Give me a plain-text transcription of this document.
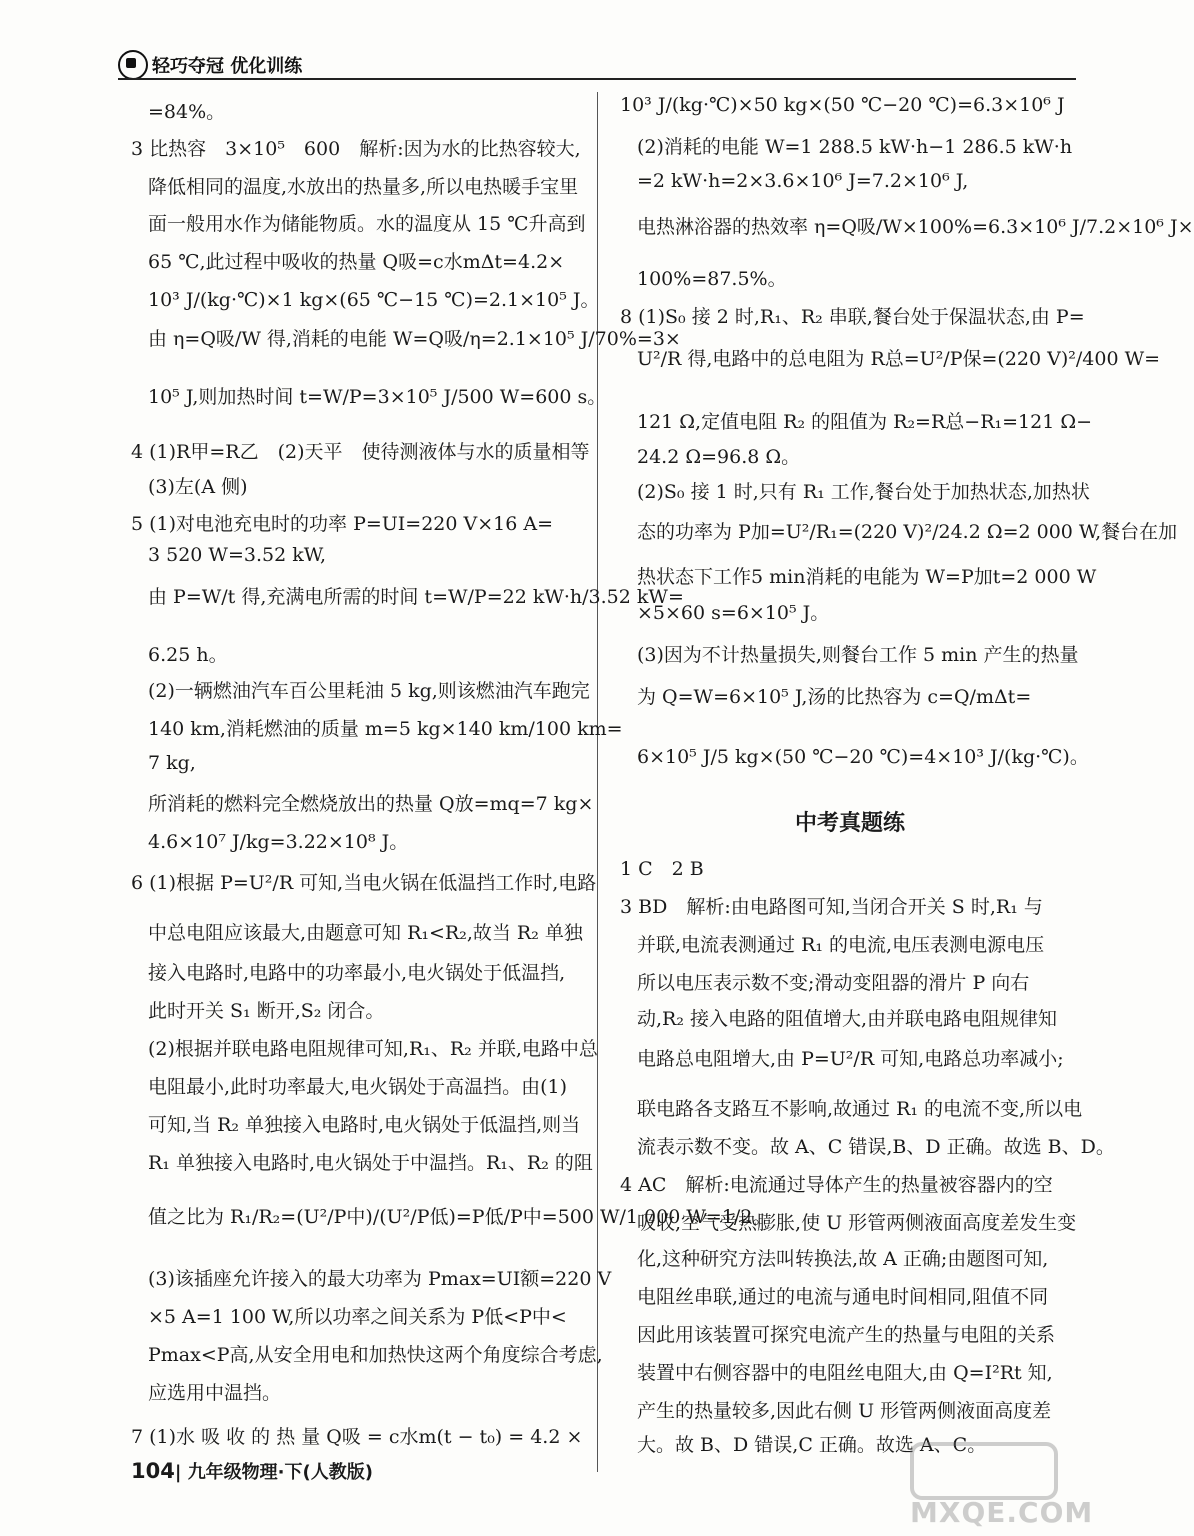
轻巧夺冠 优化训练
=84%。
3 比热容　3×10⁵　600　解析:因为水的比热容较大,
降低相同的温度,水放出的热量多,所以电热暖手宝里
面一般用水作为储能物质。水的温度从 15 ℃升高到
65 ℃,此过程中吸收的热量 Q吸=c水mΔt=4.2×
10³ J/(kg·℃)×1 kg×(65 ℃−15 ℃)=2.1×10⁵ J。
由 η=Q吸/W 得,消耗的电能 W=Q吸/η=2.1×10⁵ J/70%=3×
10⁵ J,则加热时间 t=W/P=3×10⁵ J/500 W=600 s。
4 (1)R甲=R乙　(2)天平　使待测液体与水的质量相等
(3)左(A 侧)
5 (1)对电池充电时的功率 P=UI=220 V×16 A=
3 520 W=3.52 kW,
由 P=W/t 得,充满电所需的时间 t=W/P=22 kW·h/3.52 kW=
6.25 h。
(2)一辆燃油汽车百公里耗油 5 kg,则该燃油汽车跑完
140 km,消耗燃油的质量 m=5 kg×140 km/100 km=
7 kg,
所消耗的燃料完全燃烧放出的热量 Q放=mq=7 kg×
4.6×10⁷ J/kg=3.22×10⁸ J。
6 (1)根据 P=U²/R 可知,当电火锅在低温挡工作时,电路
中总电阻应该最大,由题意可知 R₁<R₂,故当 R₂ 单独
接入电路时,电路中的功率最小,电火锅处于低温挡,
此时开关 S₁ 断开,S₂ 闭合。
(2)根据并联电路电阻规律可知,R₁、R₂ 并联,电路中总
电阻最小,此时功率最大,电火锅处于高温挡。由(1)
可知,当 R₂ 单独接入电路时,电火锅处于低温挡,则当
R₁ 单独接入电路时,电火锅处于中温挡。R₁、R₂ 的阻
值之比为 R₁/R₂=(U²/P中)/(U²/P低)=P低/P中=500 W/1 000 W=1/2。
(3)该插座允许接入的最大功率为 Pmax=UI额=220 V
×5 A=1 100 W,所以功率之间关系为 P低<P中<
Pmax<P高,从安全用电和加热快这两个角度综合考虑,
应选用中温挡。
7 (1)水 吸 收 的 热 量 Q吸 = c水m(t − t₀) = 4.2 ×
10³ J/(kg·℃)×50 kg×(50 ℃−20 ℃)=6.3×10⁶ J
(2)消耗的电能 W=1 288.5 kW·h−1 286.5 kW·h
=2 kW·h=2×3.6×10⁶ J=7.2×10⁶ J,
电热淋浴器的热效率 η=Q吸/W×100%=6.3×10⁶ J/7.2×10⁶ J×
100%=87.5%。
8 (1)S₀ 接 2 时,R₁、R₂ 串联,餐台处于保温状态,由 P=
U²/R 得,电路中的总电阻为 R总=U²/P保=(220 V)²/400 W=
121 Ω,定值电阻 R₂ 的阻值为 R₂=R总−R₁=121 Ω−
24.2 Ω=96.8 Ω。
(2)S₀ 接 1 时,只有 R₁ 工作,餐台处于加热状态,加热状
态的功率为 P加=U²/R₁=(220 V)²/24.2 Ω=2 000 W,餐台在加
热状态下工作5 min消耗的电能为 W=P加t=2 000 W
×5×60 s=6×10⁵ J。
(3)因为不计热量损失,则餐台工作 5 min 产生的热量
为 Q=W=6×10⁵ J,汤的比热容为 c=Q/mΔt=
6×10⁵ J/5 kg×(50 ℃−20 ℃)=4×10³ J/(kg·℃)。
1 C　2 B
3 BD　解析:由电路图可知,当闭合开关 S 时,R₁ 与
并联,电流表测通过 R₁ 的电流,电压表测电源电压
所以电压表示数不变;滑动变阻器的滑片 P 向右
动,R₂ 接入电路的阻值增大,由并联电路电阻规律知
电路总电阻增大,由 P=U²/R 可知,电路总功率减小;
联电路各支路互不影响,故通过 R₁ 的电流不变,所以电
流表示数不变。故 A、C 错误,B、D 正确。故选 B、D。
4 AC　解析:电流通过导体产生的热量被容器内的空
吸收,空气受热膨胀,使 U 形管两侧液面高度差发生变
化,这种研究方法叫转换法,故 A 正确;由题图可知,
电阻丝串联,通过的电流与通电时间相同,阻值不同
因此用该装置可探究电流产生的热量与电阻的关系
装置中右侧容器中的电阻丝电阻大,由 Q=I²Rt 知,
产生的热量较多,因此右侧 U 形管两侧液面高度差
大。故 B、D 错误,C 正确。故选 A、C。
中考真题练
104| 九年级物理·下(人教版)
MXQE.COM
